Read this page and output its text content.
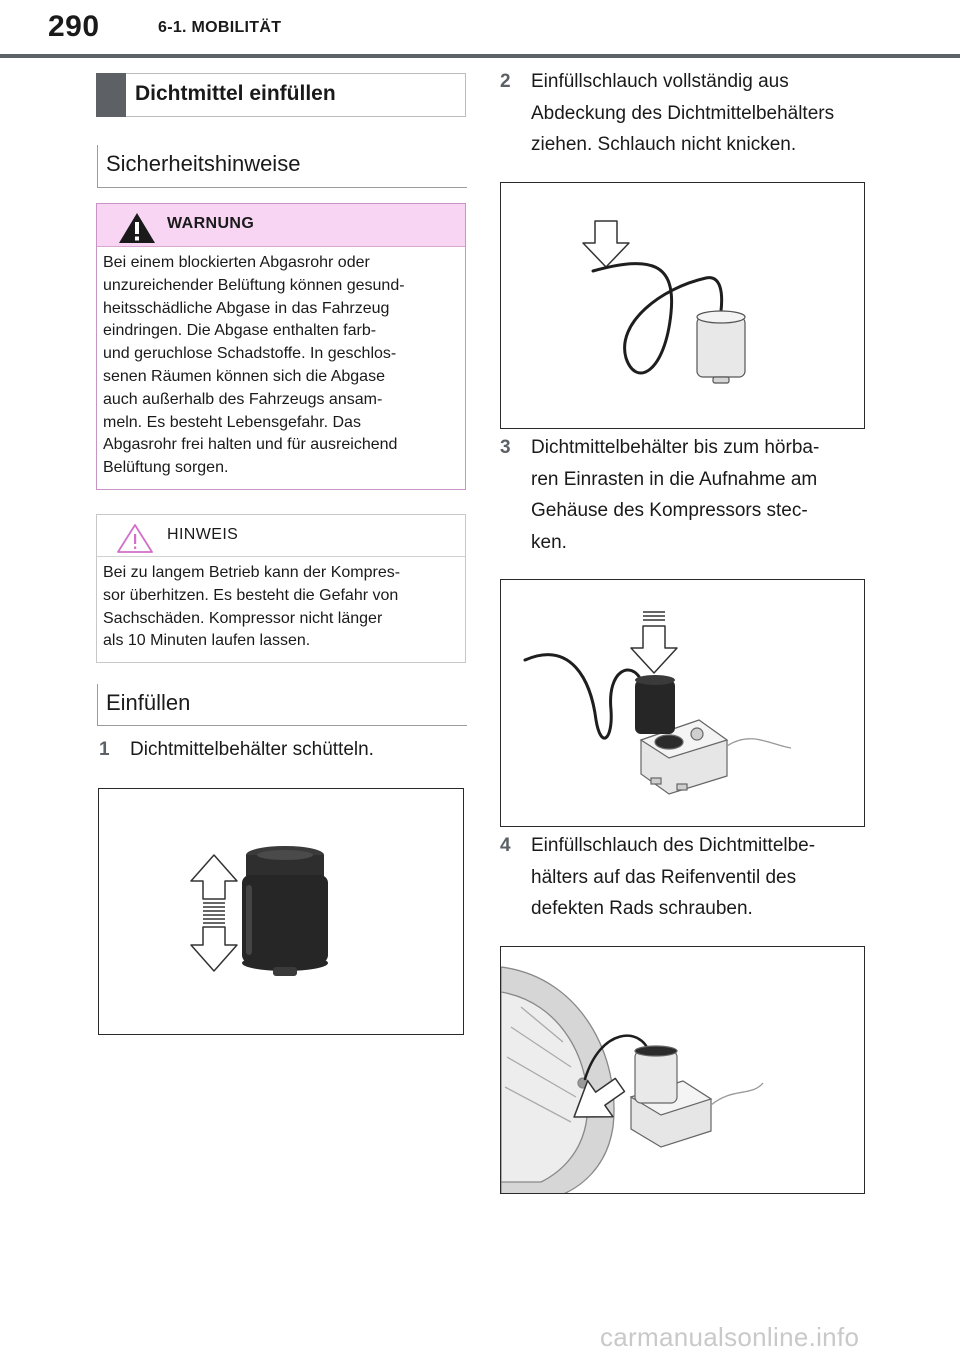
290	6-1. MOBILITÄT
Dichtmittel einfüllen
Sicherheitshinweise
WARNUNG
Bei einem blockierten Abgasrohr oder
unzureichender Belüftung können gesund-
heitsschädliche Abgase in das Fahrzeug
eindringen. Die Abgase enthalten farb-
und geruchlose Schadstoffe. In geschlos-
senen Räumen können sich die Abgase
auch außerhalb des Fahrzeugs ansam-
meln. Es besteht Lebensgefahr. Das
Abgasrohr frei halten und für ausreichend
Belüftung sorgen.
HINWEIS
Bei zu langem Betrieb kann der Kompres-
sor überhitzen. Es besteht die Gefahr von
Sachschäden. Kompressor nicht länger
als 10 Minuten laufen lassen.
Einfüllen
1 Dichtmittelbehälter schütteln.
2 Einfüllschlauch vollständig aus
Abdeckung des Dichtmittelbehälters
ziehen. Schlauch nicht knicken.
3 Dichtmittelbehälter bis zum hörba-
ren Einrasten in die Aufnahme am
Gehäuse des Kompressors stec-
ken.
4 Einfüllschlauch des Dichtmittelbe-
hälters auf das Reifenventil des
defekten Rads schrauben.
carmanualsonline.info
